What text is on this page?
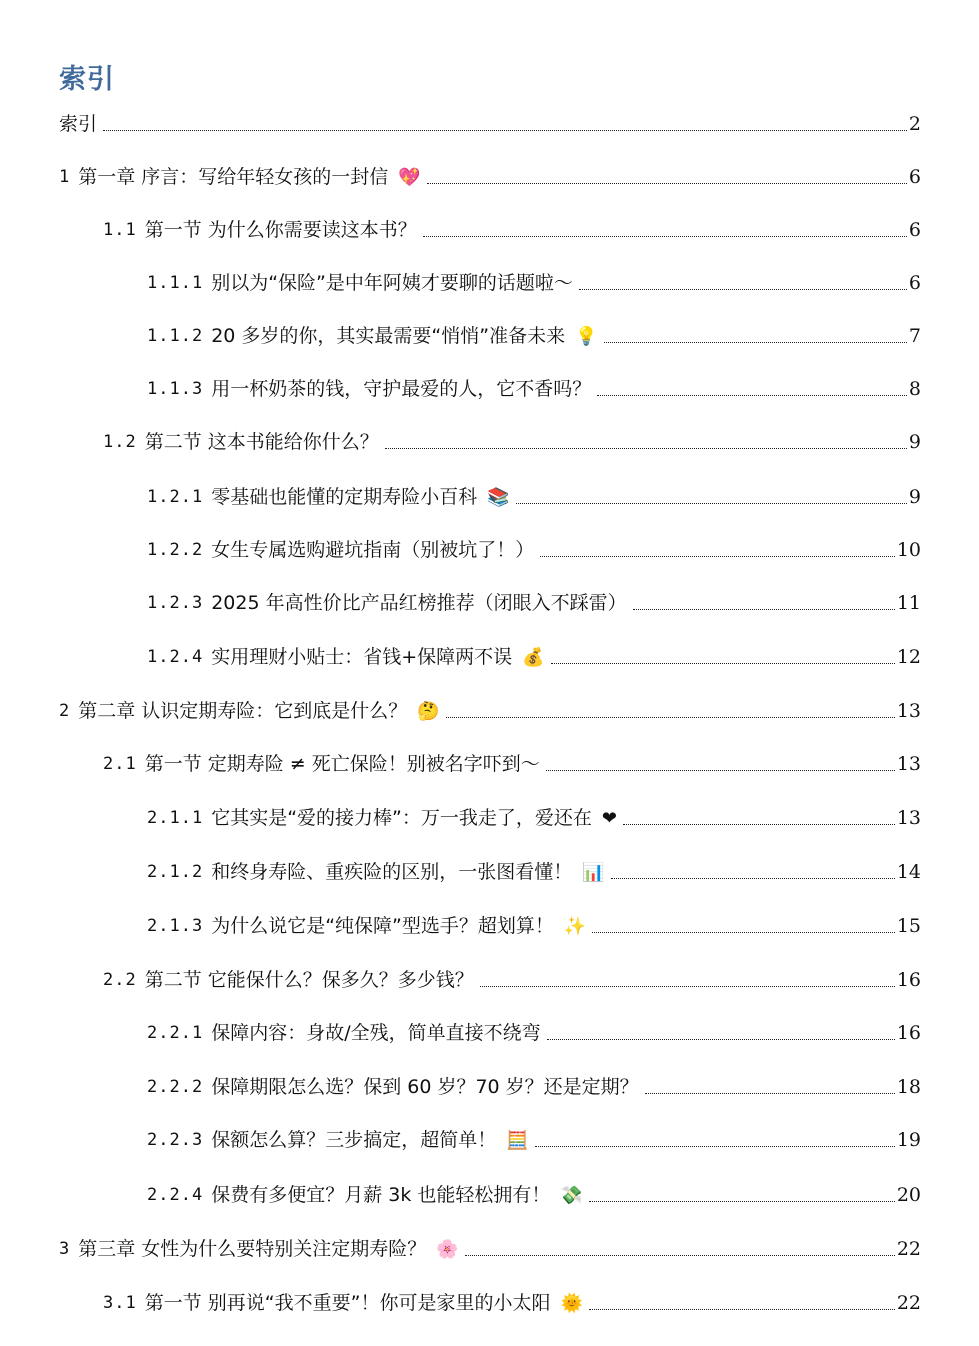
索引
索引	2
1 第一章 序言：写给年轻女孩的一封信 💖	6
1.1 第一节 为什么你需要读这本书？	6
1.1.1 别以为“保险”是中年阿姨才要聊的话题啦～	6
1.1.2 20 多岁的你，其实最需要“悄悄”准备未来 💡	7
1.1.3 用一杯奶茶的钱，守护最爱的人，它不香吗？	8
1.2 第二节 这本书能给你什么？	9
1.2.1 零基础也能懂的定期寿险小百科 📚	9
1.2.2 女生专属选购避坑指南（别被坑了！）	10
1.2.3 2025 年高性价比产品红榜推荐（闭眼入不踩雷）	11
1.2.4 实用理财小贴士：省钱+保障两不误 💰	12
2 第二章 认识定期寿险：它到底是什么？ 🤔	13
2.1 第一节 定期寿险 ≠ 死亡保险！别被名字吓到～	13
2.1.1 它其实是“爱的接力棒”：万一我走了，爱还在 ❤	13
2.1.2 和终身寿险、重疾险的区别，一张图看懂！ 📊	14
2.1.3 为什么说它是“纯保障”型选手？超划算！ ✨	15
2.2 第二节 它能保什么？保多久？多少钱？	16
2.2.1 保障内容：身故/全残，简单直接不绕弯	16
2.2.2 保障期限怎么选？保到 60 岁？70 岁？还是定期？	18
2.2.3 保额怎么算？三步搞定，超简单！ 🧮	19
2.2.4 保费有多便宜？月薪 3k 也能轻松拥有！ 💸	20
3 第三章 女性为什么要特别关注定期寿险？ 🌸	22
3.1 第一节 别再说“我不重要”！你可是家里的小太阳 🌞	22
